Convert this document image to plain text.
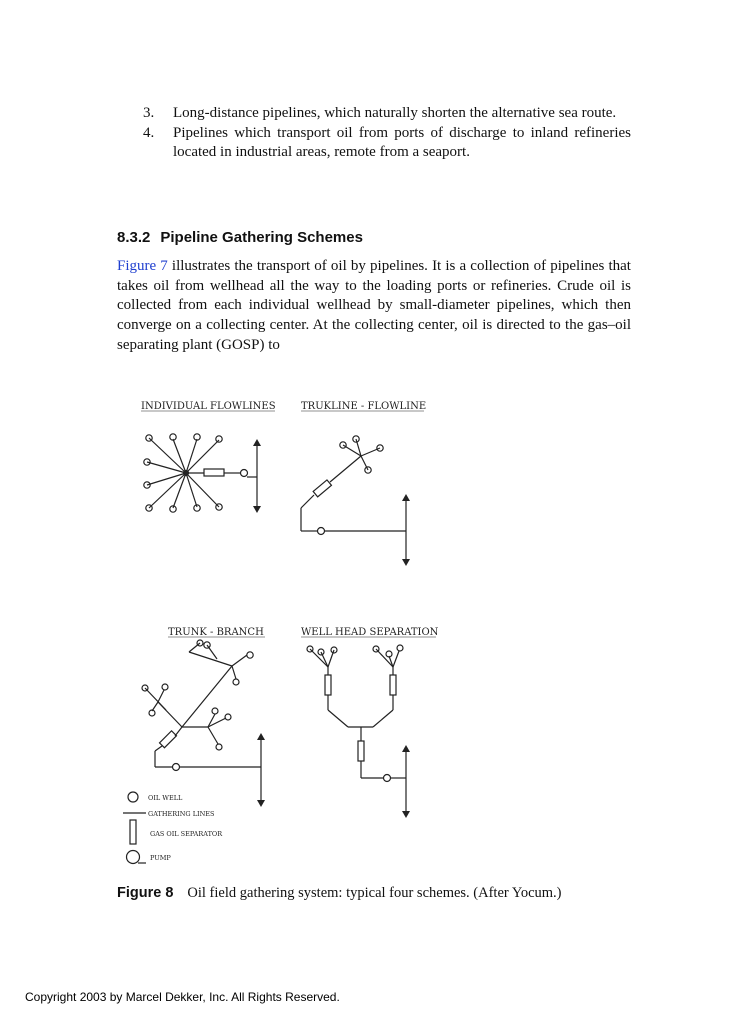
3.	Long-distance pipelines, which naturally shorten the alternative sea route.
4.	Pipelines which transport oil from ports of discharge to inland refineries located in industrial areas, remote from a seaport.
8.3.2 Pipeline Gathering Schemes
Figure 7 illustrates the transport of oil by pipelines. It is a collection of pipelines that takes oil from wellhead all the way to the loading ports or refineries. Crude oil is collected from each individual wellhead by small-diameter pipelines, which then converge on a collecting center. At the collecting center, oil is directed to the gas–oil separating plant (GOSP) to
INDIVIDUAL FLOWLINES	TRUKLINE - FLOWLINE
TRUNK - BRANCH	WELL HEAD SEPARATION
OIL WELL
GATHERING LINES
GAS OIL SEPARATOR
PUMP
Figure 8 Oil field gathering system: typical four schemes. (After Yocum.)
Copyright 2003 by Marcel Dekker, Inc. All Rights Reserved.
